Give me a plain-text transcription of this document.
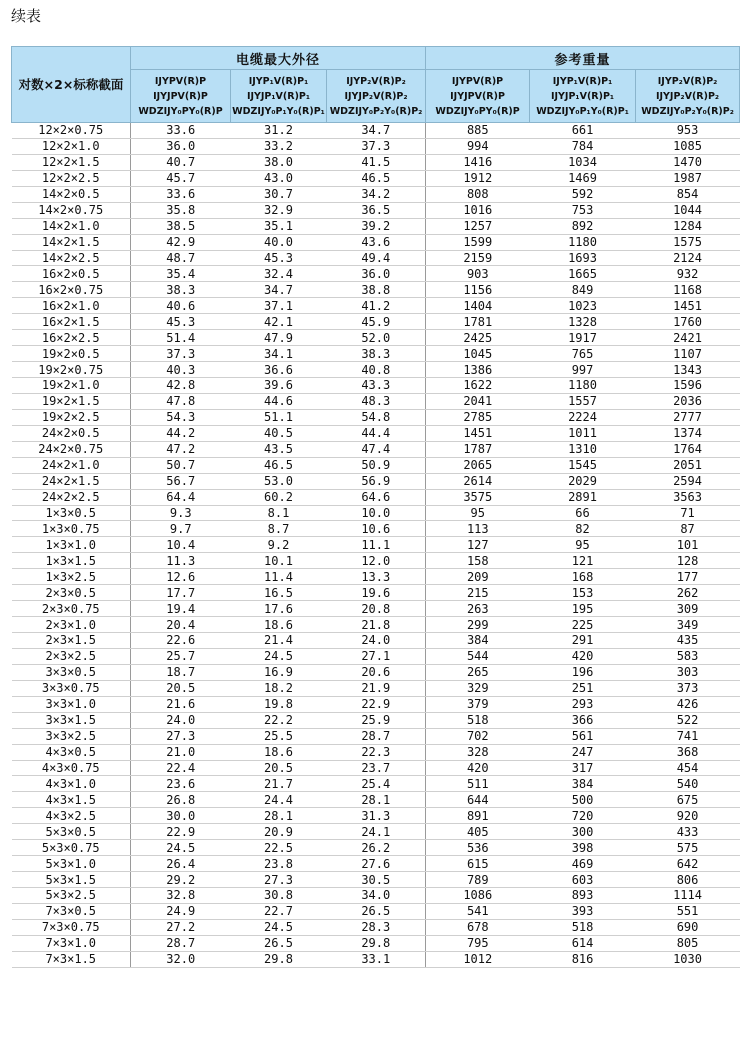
续表
对数×2×标称截面	电缆最大外径			参考重量		

	IJYPV(R)P
IJYJPV(R)P
WDZIJY₀PY₀(R)P	IJYP₁V(R)P₁
IJYJP₁V(R)P₁
WDZIJY₀P₁Y₀(R)P₁	IJYP₂V(R)P₂
IJYJP₂V(R)P₂
WDZIJY₀P₂Y₀(R)P₂	IJYPV(R)P
IJYJPV(R)P
WDZIJY₀PY₀(R)P	IJYP₁V(R)P₁
IJYJP₁V(R)P₁
WDZIJY₀P₁Y₀(R)P₁	IJYP₂V(R)P₂
IJYJP₂V(R)P₂
WDZIJY₀P₂Y₀(R)P₂

12×2×0.75	33.6	31.2	34.7	885	661	953
12×2×1.0	36.0	33.2	37.3	994	784	1085
12×2×1.5	40.7	38.0	41.5	1416	1034	1470
12×2×2.5	45.7	43.0	46.5	1912	1469	1987
14×2×0.5	33.6	30.7	34.2	808	592	854
14×2×0.75	35.8	32.9	36.5	1016	753	1044
14×2×1.0	38.5	35.1	39.2	1257	892	1284
14×2×1.5	42.9	40.0	43.6	1599	1180	1575
14×2×2.5	48.7	45.3	49.4	2159	1693	2124
16×2×0.5	35.4	32.4	36.0	903	1665	932
16×2×0.75	38.3	34.7	38.8	1156	849	1168
16×2×1.0	40.6	37.1	41.2	1404	1023	1451
16×2×1.5	45.3	42.1	45.9	1781	1328	1760
16×2×2.5	51.4	47.9	52.0	2425	1917	2421
19×2×0.5	37.3	34.1	38.3	1045	765	1107
19×2×0.75	40.3	36.6	40.8	1386	997	1343
19×2×1.0	42.8	39.6	43.3	1622	1180	1596
19×2×1.5	47.8	44.6	48.3	2041	1557	2036
19×2×2.5	54.3	51.1	54.8	2785	2224	2777
24×2×0.5	44.2	40.5	44.4	1451	1011	1374
24×2×0.75	47.2	43.5	47.4	1787	1310	1764
24×2×1.0	50.7	46.5	50.9	2065	1545	2051
24×2×1.5	56.7	53.0	56.9	2614	2029	2594
24×2×2.5	64.4	60.2	64.6	3575	2891	3563
1×3×0.5	9.3	8.1	10.0	95	66	71
1×3×0.75	9.7	8.7	10.6	113	82	87
1×3×1.0	10.4	9.2	11.1	127	95	101
1×3×1.5	11.3	10.1	12.0	158	121	128
1×3×2.5	12.6	11.4	13.3	209	168	177
2×3×0.5	17.7	16.5	19.6	215	153	262
2×3×0.75	19.4	17.6	20.8	263	195	309
2×3×1.0	20.4	18.6	21.8	299	225	349
2×3×1.5	22.6	21.4	24.0	384	291	435
2×3×2.5	25.7	24.5	27.1	544	420	583
3×3×0.5	18.7	16.9	20.6	265	196	303
3×3×0.75	20.5	18.2	21.9	329	251	373
3×3×1.0	21.6	19.8	22.9	379	293	426
3×3×1.5	24.0	22.2	25.9	518	366	522
3×3×2.5	27.3	25.5	28.7	702	561	741
4×3×0.5	21.0	18.6	22.3	328	247	368
4×3×0.75	22.4	20.5	23.7	420	317	454
4×3×1.0	23.6	21.7	25.4	511	384	540
4×3×1.5	26.8	24.4	28.1	644	500	675
4×3×2.5	30.0	28.1	31.3	891	720	920
5×3×0.5	22.9	20.9	24.1	405	300	433
5×3×0.75	24.5	22.5	26.2	536	398	575
5×3×1.0	26.4	23.8	27.6	615	469	642
5×3×1.5	29.2	27.3	30.5	789	603	806
5×3×2.5	32.8	30.8	34.0	1086	893	1114
7×3×0.5	24.9	22.7	26.5	541	393	551
7×3×0.75	27.2	24.5	28.3	678	518	690
7×3×1.0	28.7	26.5	29.8	795	614	805
7×3×1.5	32.0	29.8	33.1	1012	816	1030
